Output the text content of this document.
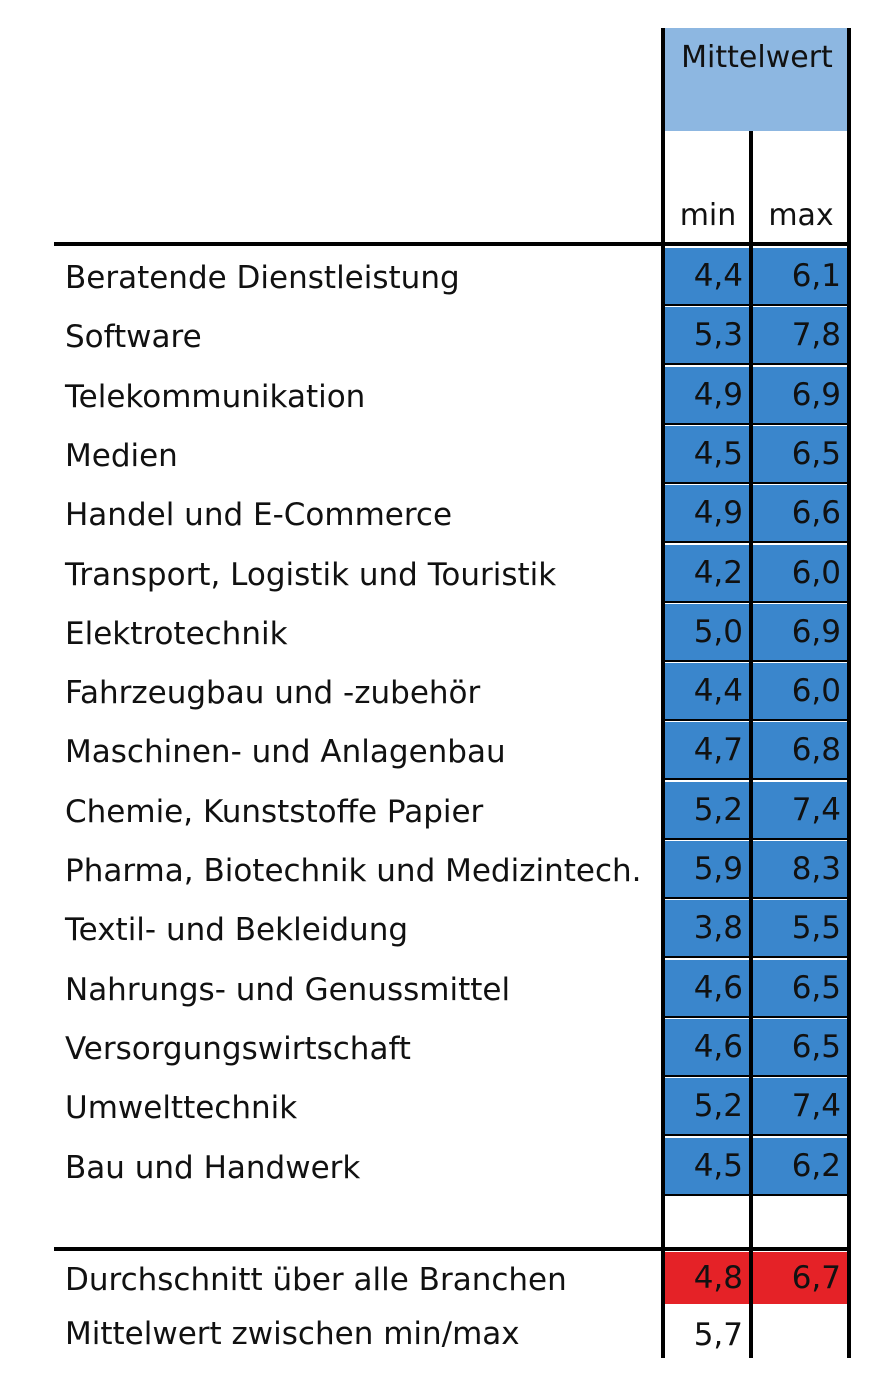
Mittelwert
min	max
Beratende Dienstleistung	4,4	6,1
Software	5,3	7,8
Telekommunikation	4,9	6,9
Medien	4,5	6,5
Handel und E-Commerce	4,9	6,6
Transport, Logistik und Touristik	4,2	6,0
Elektrotechnik	5,0	6,9
Fahrzeugbau und -zubehör	4,4	6,0
Maschinen- und Anlagenbau	4,7	6,8
Chemie, Kunststoffe Papier	5,2	7,4
Pharma, Biotechnik und Medizintech.	5,9	8,3
Textil- und Bekleidung	3,8	5,5
Nahrungs- und Genussmittel	4,6	6,5
Versorgungswirtschaft	4,6	6,5
Umwelttechnik	5,2	7,4
Bau und Handwerk	4,5	6,2
Durchschnitt über alle Branchen	4,8	6,7
Mittelwert zwischen min/max	5,7
